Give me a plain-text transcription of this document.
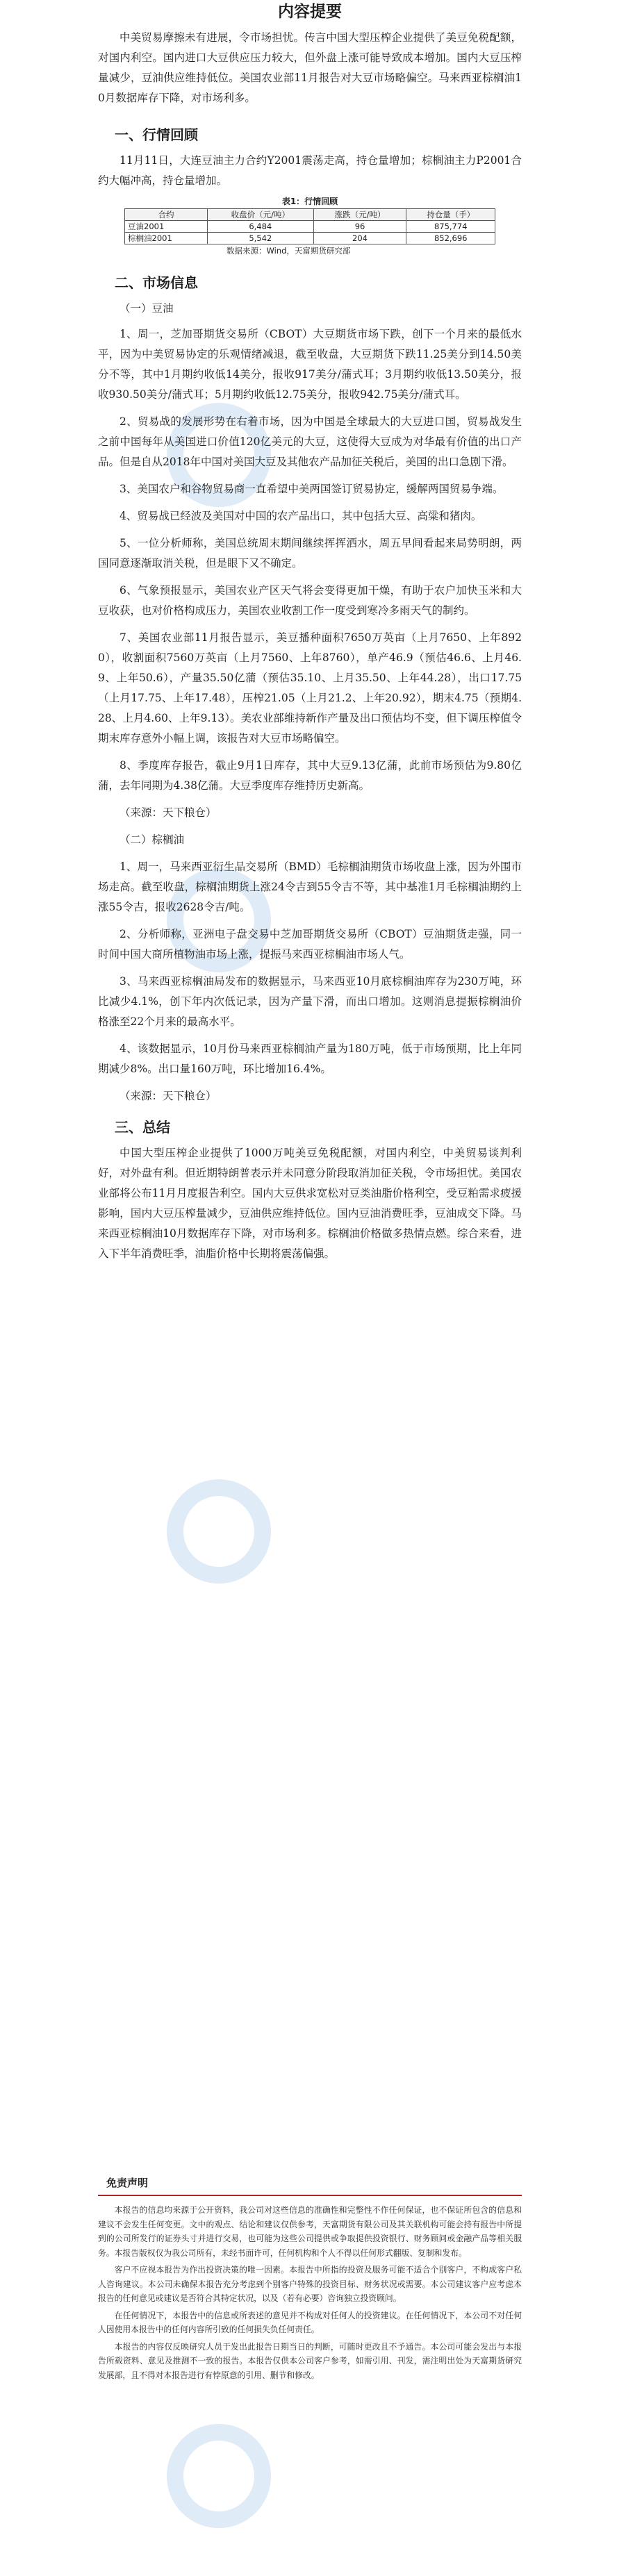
内容提要

中美贸易摩擦未有进展，令市场担忧。传言中国大型压榨企业提供了美豆免税配额，对国内利空。国内进口大豆供应压力较大，但外盘上涨可能导致成本增加。国内大豆压榨量减少，豆油供应维持低位。美国农业部11月报告对大豆市场略偏空。马来西亚棕榈油10月数据库存下降，对市场利多。

一、行情回顾

11月11日，大连豆油主力合约Y2001震荡走高，持仓量增加；棕榈油主力P2001合约大幅冲高，持仓量增加。

表1：行情回顾

合约	收盘价（元/吨）	涨跌（元/吨）	持仓量（手）
豆油2001	6,484	96	875,774
棕榈油2001	5,542	204	852,696

数据来源：Wind，天富期货研究部

二、市场信息

（一）豆油

1、周一，芝加哥期货交易所（CBOT）大豆期货市场下跌，创下一个月来的最低水平，因为中美贸易协定的乐观情绪减退，截至收盘，大豆期货下跌11.25美分到14.50美分不等，其中1月期约收低14美分，报收917美分/蒲式耳；3月期约收低13.50美分，报收930.50美分/蒲式耳；5月期约收低12.75美分，报收942.75美分/蒲式耳。

2、贸易战的发展形势在右着市场，因为中国是全球最大的大豆进口国，贸易战发生之前中国每年从美国进口价值120亿美元的大豆，这使得大豆成为对华最有价值的出口产品。但是自从2018年中国对美国大豆及其他农产品加征关税后，美国的出口急剧下滑。

3、美国农户和谷物贸易商一直希望中美两国签订贸易协定，缓解两国贸易争端。

4、贸易战已经波及美国对中国的农产品出口，其中包括大豆、高粱和猪肉。

5、一位分析师称，美国总统周末期间继续挥挥洒水，周五早间看起来局势明朗，两国同意逐渐取消关税，但是眼下又不确定。

6、气象预报显示，美国农业产区天气将会变得更加干燥，有助于农户加快玉米和大豆收获，也对价格构成压力，美国农业收割工作一度受到寒冷多雨天气的制约。

7、美国农业部11月报告显示，美豆播种面积7650万英亩（上月7650、上年8920），收割面积7560万英亩（上月7560、上年8760），单产46.9（预估46.6、上月46.9、上年50.6），产量35.50亿蒲（预估35.10、上月35.50、上年44.28），出口17.75（上月17.75、上年17.48），压榨21.05（上月21.2、上年20.92），期末4.75（预期4.28、上月4.60、上年9.13）。美农业部维持新作产量及出口预估均不变，但下调压榨值令期末库存意外小幅上调，该报告对大豆市场略偏空。

8、季度库存报告，截止9月1日库存，其中大豆9.13亿蒲，此前市场预估为9.80亿蒲，去年同期为4.38亿蒲。大豆季度库存维持历史新高。

（来源：天下粮仓）

（二）棕榈油

1、周一，马来西亚衍生品交易所（BMD）毛棕榈油期货市场收盘上涨，因为外围市场走高。截至收盘，棕榈油期货上涨24令吉到55令吉不等，其中基准1月毛棕榈油期约上涨55令吉，报收2628令吉/吨。

2、分析师称，亚洲电子盘交易中芝加哥期货交易所（CBOT）豆油期货走强，同一时间中国大商所植物油市场上涨，提振马来西亚棕榈油市场人气。

3、马来西亚棕榈油局发布的数据显示，马来西亚10月底棕榈油库存为230万吨，环比减少4.1%，创下年内次低记录，因为产量下滑，而出口增加。这则消息提振棕榈油价格涨至22个月来的最高水平。

4、该数据显示，10月份马来西亚棕榈油产量为180万吨，低于市场预期，比上年同期减少8%。出口量160万吨，环比增加16.4%。

（来源：天下粮仓）

三、总结

中国大型压榨企业提供了1000万吨美豆免税配额，对国内利空，中美贸易谈判利好，对外盘有利。但近期特朗普表示并未同意分阶段取消加征关税，令市场担忧。美国农业部将公布11月月度报告利空。国内大豆供求宽松对豆类油脂价格利空，受豆粕需求疲援影响，国内大豆压榨量减少，豆油供应维持低位。国内豆油消费旺季，豆油成交下降。马来西亚棕榈油10月数据库存下降，对市场利多。棕榈油价格做多热情点燃。综合来看，进入下半年消费旺季，油脂价格中长期将震荡偏强。

免责声明

本报告的信息均来源于公开资料，我公司对这些信息的准确性和完整性不作任何保证，也不保证所包含的信息和建议不会发生任何变更。文中的观点、结论和建议仅供参考，天富期货有限公司及其关联机构可能会持有报告中所提到的公司所发行的证券头寸并进行交易，也可能为这些公司提供或争取提供投资银行、财务顾问或金融产品等相关服务。本报告版权仅为我公司所有，未经书面许可，任何机构和个人不得以任何形式翻版、复制和发布。

客户不应视本报告为作出投资决策的唯一因素。本报告中所指的投资及服务可能不适合个别客户，不构成客户私人咨询建议。本公司未确保本报告充分考虑到个别客户特殊的投资目标、财务状况或需要。本公司建议客户应考虑本报告的任何意见或建议是否符合其特定状况，以及（若有必要）咨询独立投资顾问。

在任何情况下，本报告中的信息或所表述的意见并不构成对任何人的投资建议。在任何情况下，本公司不对任何人因使用本报告中的任何内容所引致的任何损失负任何责任。

本报告的内容仅反映研究人员于发出此报告日期当日的判断，可随时更改且不予通告。本公司可能会发出与本报告所载资料、意见及推测不一致的报告。本报告仅供本公司客户参考，如需引用、刊发，需注明出处为天富期货研究发展部，且不得对本报告进行有悖原意的引用、删节和修改。
